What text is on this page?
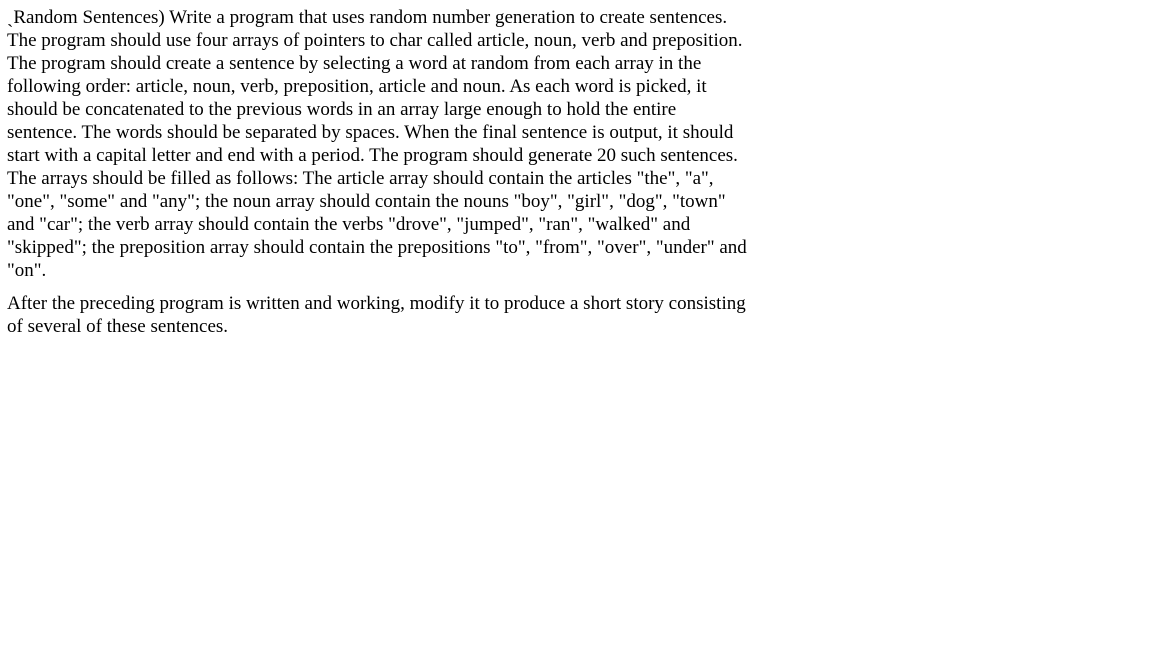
ˎRandom Sentences) Write a program that uses random number generation to create sentences.
The program should use four arrays of pointers to char called article, noun, verb and preposition.
The program should create a sentence by selecting a word at random from each array in the
following order: article, noun, verb, preposition, article and noun. As each word is picked, it
should be concatenated to the previous words in an array large enough to hold the entire
sentence. The words should be separated by spaces. When the final sentence is output, it should
start with a capital letter and end with a period. The program should generate 20 such sentences.
The arrays should be filled as follows: The article array should contain the articles "the", "a",
"one", "some" and "any"; the noun array should contain the nouns "boy", "girl", "dog", "town"
and "car"; the verb array should contain the verbs "drove", "jumped", "ran", "walked" and
"skipped"; the preposition array should contain the prepositions "to", "from", "over", "under" and
"on".
After the preceding program is written and working, modify it to produce a short story consisting
of several of these sentences.
